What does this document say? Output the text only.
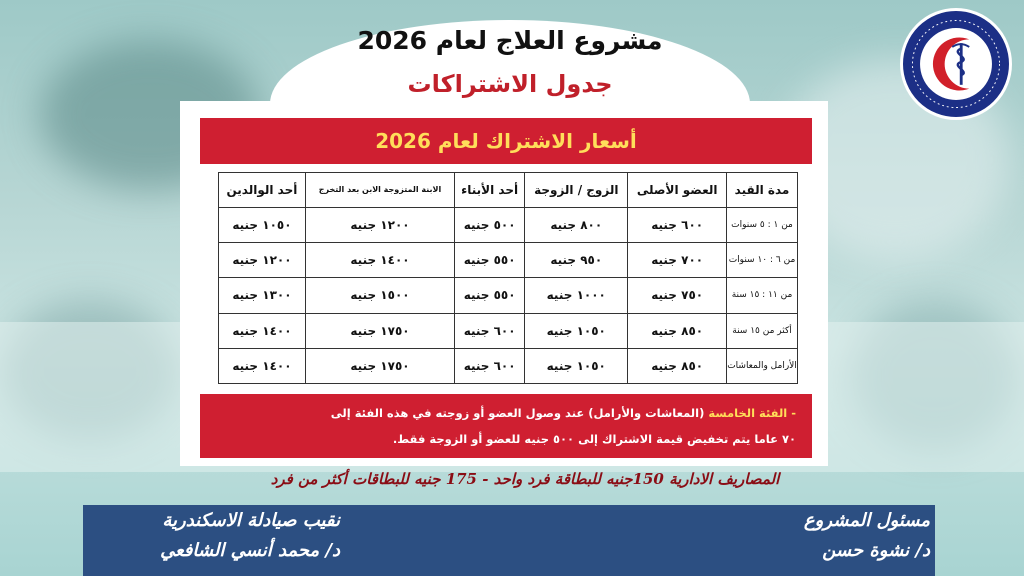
مشروع العلاج لعام 2026
جدول الاشتراكات
أسعار الاشتراك لعام 2026
مدة القيد	العضو الأصلى	الزوج / الزوجة	أحد الأبناء	الابنة المتزوجة الابن بعد التخرج	أحد الوالدين
من ١ : ٥ سنوات	٦٠٠ جنيه	٨٠٠ جنيه	٥٠٠ جنيه	١٢٠٠ جنيه	١٠٥٠ جنيه
من ٦ : ١٠ سنوات	٧٠٠ جنيه	٩٥٠ جنيه	٥٥٠ جنيه	١٤٠٠ جنيه	١٢٠٠ جنيه
من ١١ : ١٥ سنة	٧٥٠ جنيه	١٠٠٠ جنيه	٥٥٠ جنيه	١٥٠٠ جنيه	١٣٠٠ جنيه
أكثر من ١٥ سنة	٨٥٠ جنيه	١٠٥٠ جنيه	٦٠٠ جنيه	١٧٥٠ جنيه	١٤٠٠ جنيه
الأرامل والمعاشات	٨٥٠ جنيه	١٠٥٠ جنيه	٦٠٠ جنيه	١٧٥٠ جنيه	١٤٠٠ جنيه
- الفئة الخامسة (المعاشات والأرامل) عند وصول العضو أو زوجته في هذه الفئة إلى
٧٠ عاما يتم تخفيض قيمة الاشتراك إلى ٥٠٠ جنيه للعضو أو الزوجة فقط.
المصاريف الادارية 150جنيه للبطاقة فرد واحد - 175 جنيه للبطاقات أكثر من فرد
نقيب صيادلة الاسكندرية
د/ محمد أنسي الشافعي
مسئول المشروع
د/ نشوة حسن
